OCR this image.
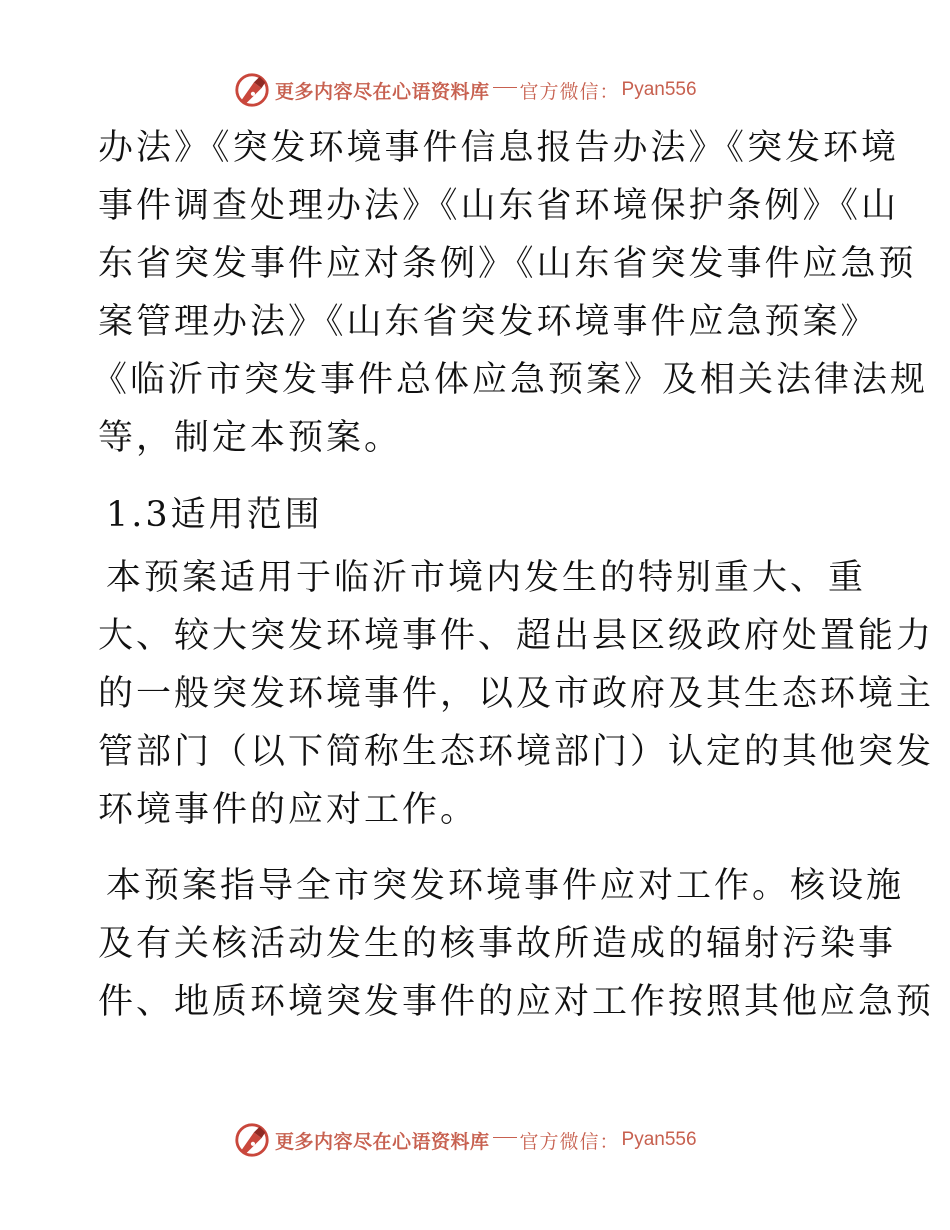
更多内容尽在心语资料库 官方微信： Pyan556
办法》《突发环境事件信息报告办法》《突发环境
事件调查处理办法》《山东省环境保护条例》《山
东省突发事件应对条例》《山东省突发事件应急预
案管理办法》《山东省突发环境事件应急预案》
《临沂市突发事件总体应急预案》及相关法律法规
等，制定本预案。
1.3适用范围
本预案适用于临沂市境内发生的特别重大、重
大、较大突发环境事件、超出县区级政府处置能力
的一般突发环境事件，以及市政府及其生态环境主
管部门（以下简称生态环境部门）认定的其他突发
环境事件的应对工作。
本预案指导全市突发环境事件应对工作。核设施
及有关核活动发生的核事故所造成的辐射污染事
件、地质环境突发事件的应对工作按照其他应急预
更多内容尽在心语资料库 官方微信： Pyan556
